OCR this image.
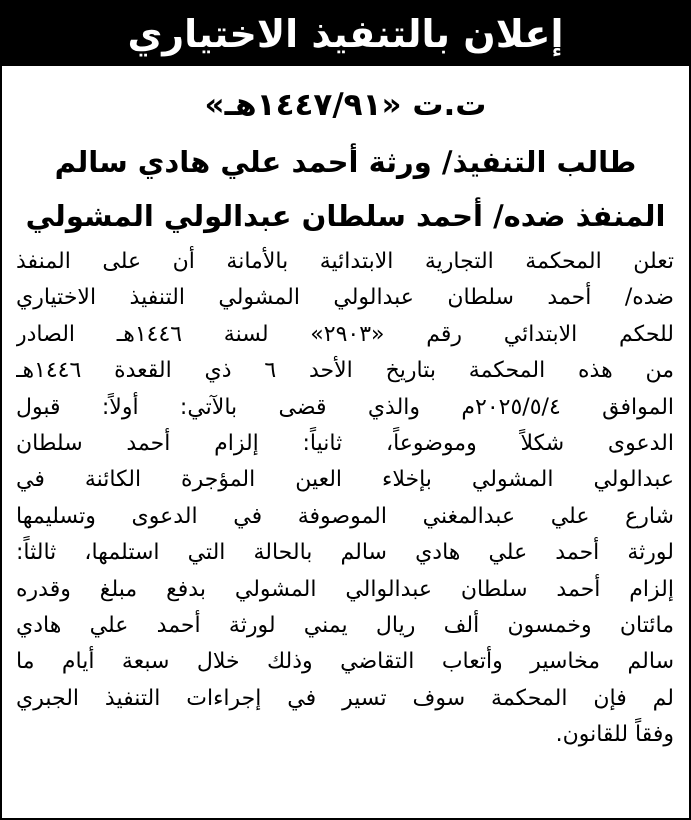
إعلان بالتنفيذ الاختياري
ت.ت «١٤٤٧/٩١هـ»
طالب التنفيذ/ ورثة أحمد علي هادي سالم
المنفذ ضده/ أحمد سلطان عبدالولي المشولي
تعلن المحكمة التجارية الابتدائية بالأمانة أن على المنفذ
ضده/ أحمد سلطان عبدالولي المشولي التنفيذ الاختياري
للحكم الابتدائي رقم «٢٩٠٣» لسنة ١٤٤٦هـ الصادر
من هذه المحكمة بتاريخ الأحد ٦ ذي القعدة ١٤٤٦هـ
الموافق ٢٠٢٥/٥/٤م والذي قضى بالآتي: أولاً: قبول
الدعوى شكلاً وموضوعاً، ثانياً: إلزام أحمد سلطان
عبدالولي المشولي بإخلاء العين المؤجرة الكائنة في
شارع علي عبدالمغني الموصوفة في الدعوى وتسليمها
لورثة أحمد علي هادي سالم بالحالة التي استلمها، ثالثاً:
إلزام أحمد سلطان عبدالوالي المشولي بدفع مبلغ وقدره
مائتان وخمسون ألف ريال يمني لورثة أحمد علي هادي
سالم مخاسير وأتعاب التقاضي وذلك خلال سبعة أيام ما
لم فإن المحكمة سوف تسير في إجراءات التنفيذ الجبري
وفقاً للقانون.
